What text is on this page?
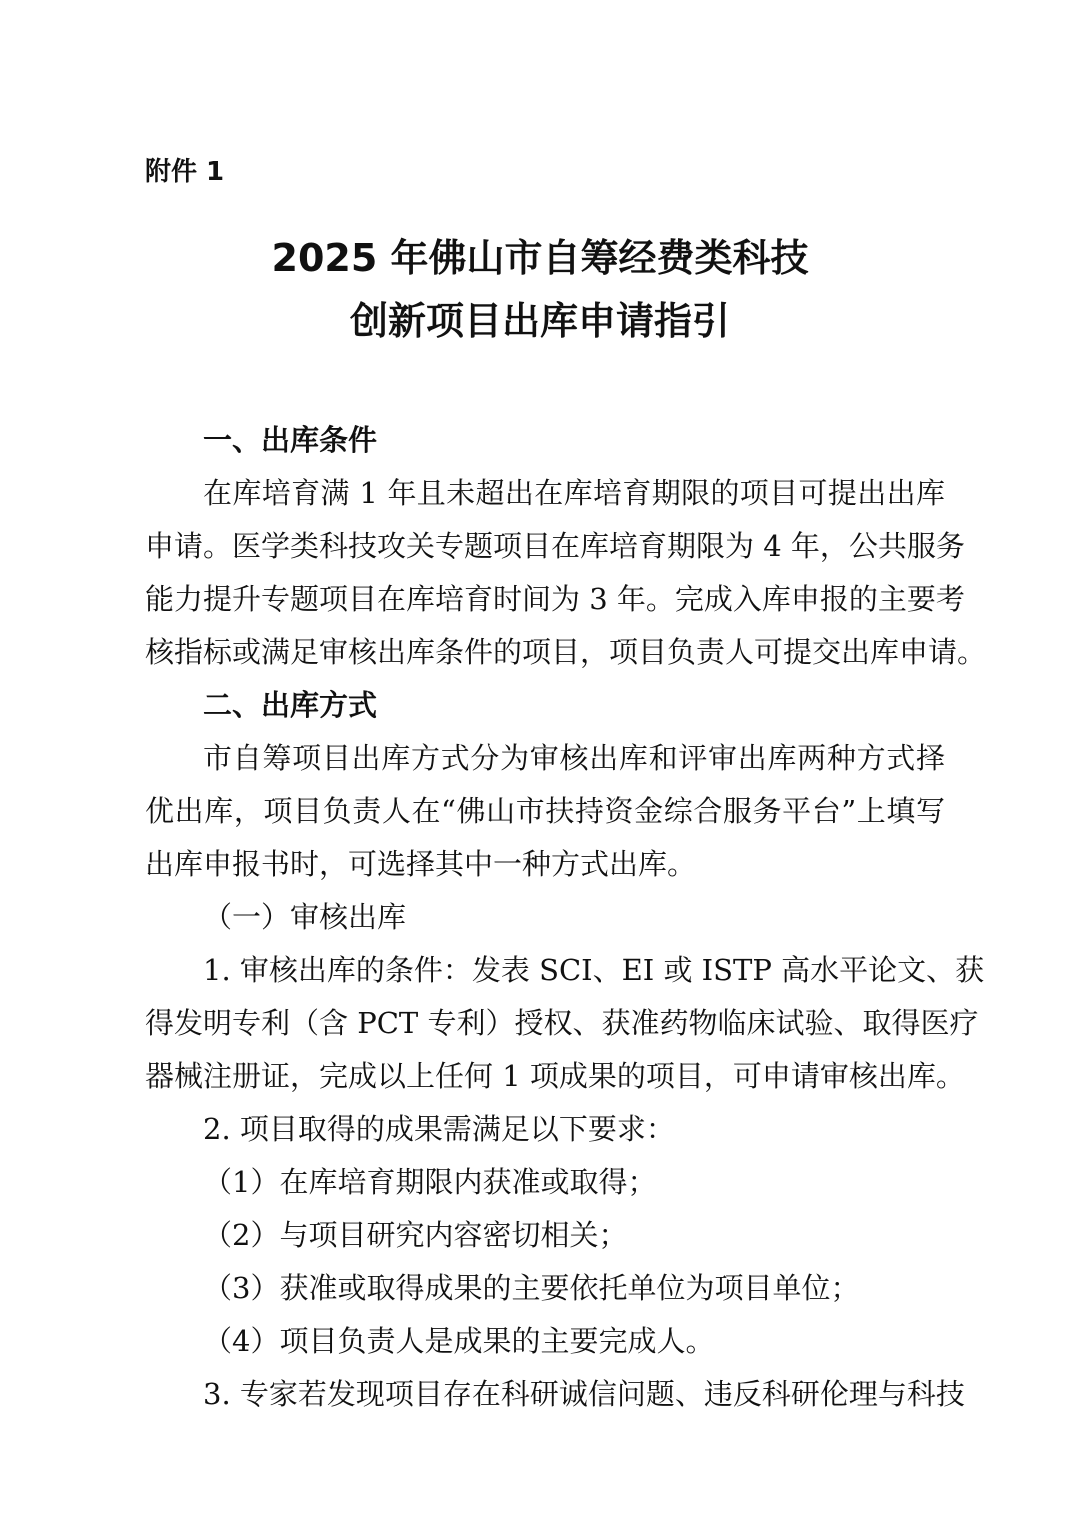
附件 1
2025 年佛山市自筹经费类科技
创新项目出库申请指引
一、出库条件
在库培育满 1 年且未超出在库培育期限的项目可提出出库
申请。医学类科技攻关专题项目在库培育期限为 4 年，公共服务
能力提升专题项目在库培育时间为 3 年。完成入库申报的主要考
核指标或满足审核出库条件的项目，项目负责人可提交出库申请。
二、出库方式
市自筹项目出库方式分为审核出库和评审出库两种方式择
优出库，项目负责人在“佛山市扶持资金综合服务平台”上填写
出库申报书时，可选择其中一种方式出库。
（一）审核出库
1. 审核出库的条件：发表 SCI、EI 或 ISTP 高水平论文、获
得发明专利（含 PCT 专利）授权、获准药物临床试验、取得医疗
器械注册证，完成以上任何 1 项成果的项目，可申请审核出库。
2. 项目取得的成果需满足以下要求：
（1）在库培育期限内获准或取得；
（2）与项目研究内容密切相关；
（3）获准或取得成果的主要依托单位为项目单位；
（4）项目负责人是成果的主要完成人。
3. 专家若发现项目存在科研诚信问题、违反科研伦理与科技
